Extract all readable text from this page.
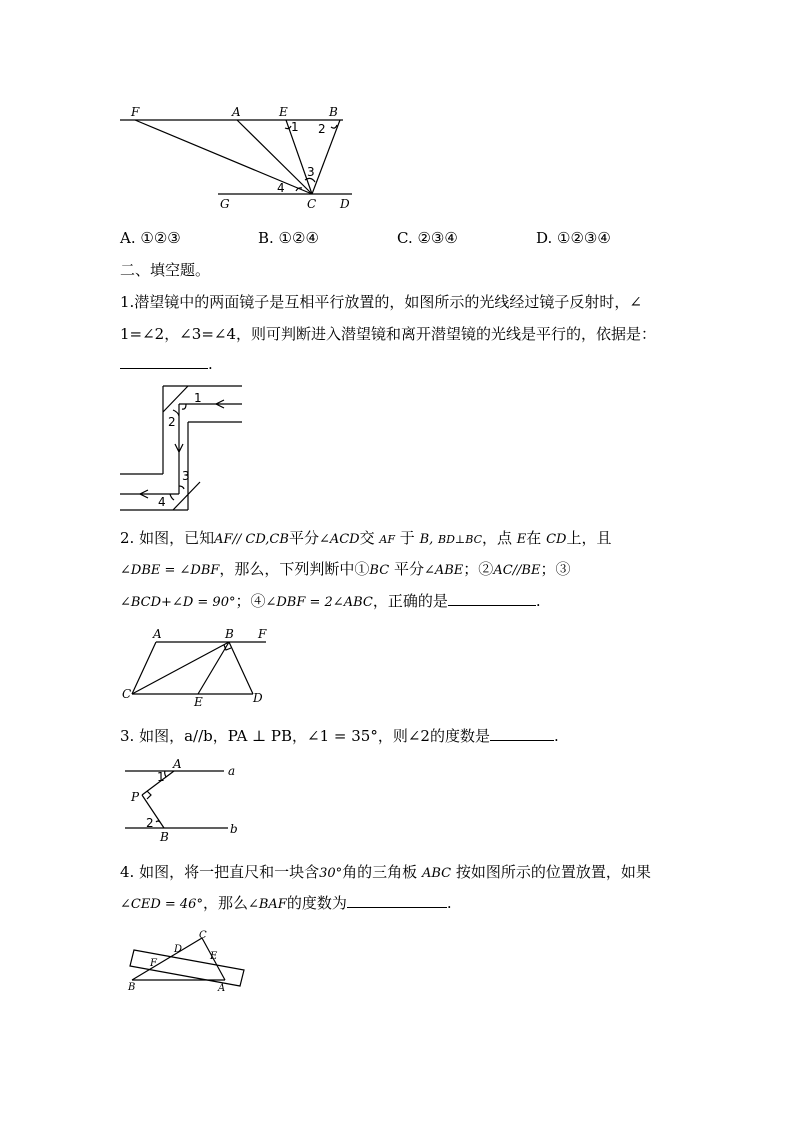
F	A	E	B
G	C D
1 2
3
4
A. ①②③	B. ①②④	C. ②③④	D. ①②③④
二、填空题。
1.潜望镜中的两面镜子是互相平行放置的，如图所示的光线经过镜子反射时，∠
1=∠2，∠3=∠4，则可判断进入潜望镜和离开潜望镜的光线是平行的，依据是：
.
1
2
3
4
2. 如图，已知AF// CD,CB平分∠ACD交 AF 于 B, BD⊥BC，点 E在 CD上，且
∠DBE = ∠DBF，那么，下列判断中①BC 平分∠ABE；②AC//BE；③
∠BCD+∠D = 90°；④∠DBF = 2∠ABC，正确的是	.
A	B F
C
E	D
3. 如图，a//b，PA ⊥ PB，∠1 = 35°，则∠2的度数是	.
A	a
1
P
2
B
b
4. 如图，将一把直尺和一块含30°角的三角板 ABC 按如图所示的位置放置，如果
∠CED = 46°，那么∠BAF的度数为	.
C
D
E
F
B	A
